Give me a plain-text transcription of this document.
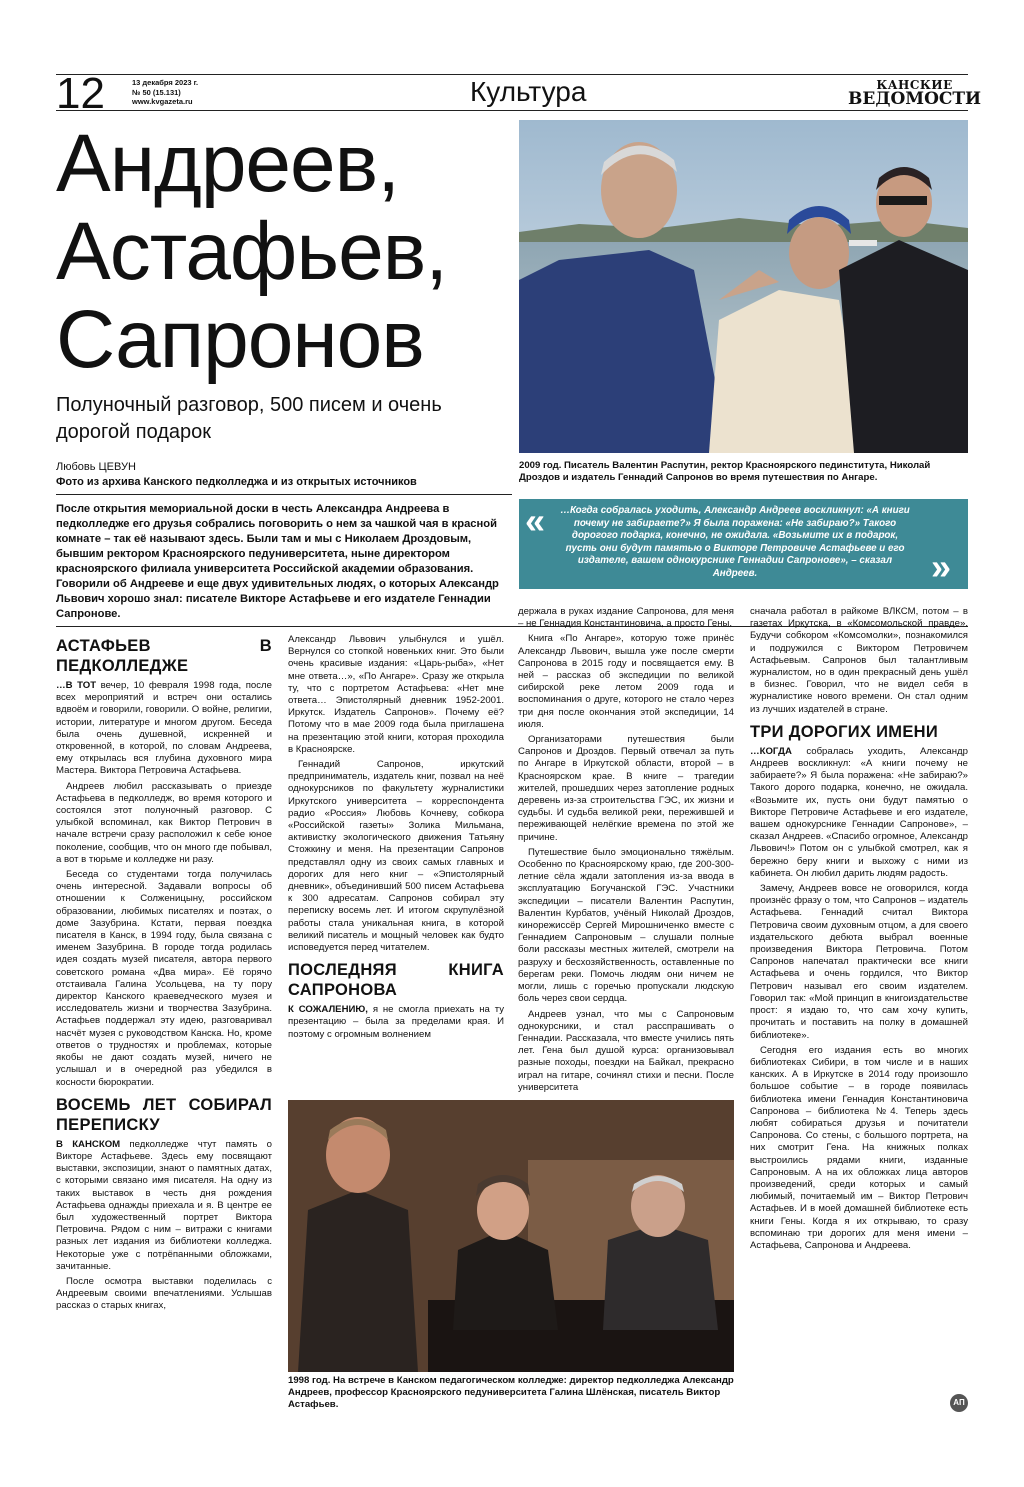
12	13 декабря 2023 г.
№ 50 (15.131)
www.kvgazeta.ru	Культура	КАНСКИЕ
ВЕДОМОСТИ
Андреев,
Астафьев,
Сапронов
Полуночный разговор, 500 писем и очень дорогой подарок
Любовь ЦЕВУН
Фото из архива Канского педколледжа и из открытых источников
После открытия мемориальной доски в честь Александра Андреева в педколледже его друзья собрались поговорить о нем за чашкой чая в красной комнате – так её называют здесь. Были там и мы с Николаем Дроздовым, бывшим ректором Красноярского педуниверситета, ныне директором красноярского филиала университета Российской академии образования. Говорили об Андрееве и еще двух удивительных людях, о которых Александр Львович хорошо знал: писателе Викторе Астафьеве и его издателе Геннадии Сапронове.
2009 год. Писатель Валентин Распутин, ректор Красноярского пединститута, Николай Дроздов и издатель Геннадий Сапронов во время путешествия по Ангаре.
«	…Когда собралась уходить, Александр Андреев воскликнул: «А книги почему не забираете?» Я была поражена: «Не забираю?» Такого дорогого подарка, конечно, не ожидала. «Возьмите их в подарок, пусть они будут памятью о Викторе Петровиче Астафьеве и его издателе, вашем однокурснике Геннадии Сапронове», – сказал Андреев.	»
АСТАФЬЕВ В ПЕДКОЛЛЕДЖЕ

…В ТОТ вечер, 10 февраля 1998 года, после всех мероприятий и встреч они остались вдвоём и говорили, говорили. О войне, религии, истории, литературе и многом другом. Беседа была очень душевной, искренней и откровенной, в которой, по словам Андреева, ему открылась вся глубина духовного мира Мастера. Виктора Петровича Астафьева.

Андреев любил рассказывать о приезде Астафьева в педколледж, во время которого и состоялся этот полуночный разговор. С улыбкой вспоминал, как Виктор Петрович в начале встречи сразу расположил к себе юное поколение, сообщив, что он много где побывал, а вот в тюрьме и колледже ни разу.

Беседа со студентами тогда получилась очень интересной. Задавали вопросы об отношении к Солженицыну, российском образовании, любимых писателях и поэтах, о доме Зазубрина. Кстати, первая поездка писателя в Канск, в 1994 году, была связана с именем Зазубрина. В городе тогда родилась идея создать музей писателя, автора первого советского романа «Два мира». Её горячо отстаивала Галина Усольцева, на ту пору директор Канского краеведческого музея и исследователь жизни и творчества Зазубрина. Астафьев поддержал эту идею, разговаривал насчёт музея с руководством Канска. Но, кроме ответов о трудностях и проблемах, которые якобы не дают создать музей, ничего не услышал и в очередной раз убедился в косности бюрократии.

ВОСЕМЬ ЛЕТ СОБИРАЛ ПЕРЕПИСКУ

В КАНСКОМ педколледже чтут память о Викторе Астафьеве. Здесь ему посвящают выставки, экспозиции, знают о памятных датах, с которыми связано имя писателя. На одну из таких выставок в честь дня рождения Астафьева однажды приехала и я. В центре ее был художественный портрет Виктора Петровича. Рядом с ним – витражи с книгами разных лет издания из библиотеки колледжа. Некоторые уже с потрёпанными обложками, зачитанные.

После осмотра выставки поделилась с Андреевым своими впечатлениями. Услышав рассказ о старых книгах,

Александр Львович улыбнулся и ушёл. Вернулся со стопкой новеньких книг. Это были очень красивые издания: «Царь-рыба», «Нет мне ответа…», «По Ангаре». Сразу же открыла ту, что с портретом Астафьева: «Нет мне ответа… Эпистолярный дневник 1952-2001. Иркутск. Издатель Сапронов». Почему её? Потому что в мае 2009 года была приглашена на презентацию этой книги, которая проходила в Красноярске.

Геннадий Сапронов, иркутский предприниматель, издатель книг, позвал на неё однокурсников по факультету журналистики Иркутского университета – корреспондента радио «Россия» Любовь Кочневу, собкора «Российской газеты» Золика Мильмана, активистку экологического движения Татьяну Стожкину и меня. На презентации Сапронов представлял одну из своих самых главных и дорогих для него книг – «Эпистолярный дневник», объединивший 500 писем Астафьева к 300 адресатам. Сапронов собирал эту переписку восемь лет. И итогом скрупулёзной работы стала уникальная книга, в которой великий писатель и мощный человек как будто исповедуется перед читателем.

ПОСЛЕДНЯЯ КНИГА САПРОНОВА

К СОЖАЛЕНИЮ, я не смогла приехать на ту презентацию – была за пределами края. И поэтому с огромным волнением

держала в руках издание Сапронова, для меня – не Геннадия Константиновича, а просто Гены.

Книга «По Ангаре», которую тоже принёс Александр Львович, вышла уже после смерти Сапронова в 2015 году и посвящается ему. В ней – рассказ об экспедиции по великой сибирской реке летом 2009 года и воспоминания о друге, которого не стало через три дня после окончания этой экспедиции, 14 июля.

Организаторами путешествия были Сапронов и Дроздов. Первый отвечал за путь по Ангаре в Иркутской области, второй – в Красноярском крае. В книге – трагедии жителей, прошедших через затопление родных деревень из-за строительства ГЭС, их жизни и судьбы. И судьба великой реки, пережившей и переживающей нелёгкие времена по этой же причине.

Путешествие было эмоционально тяжёлым. Особенно по Красноярскому краю, где 200-300-летние сёла ждали затопления из-за ввода в эксплуатацию Богучанской ГЭС. Участники экспедиции – писатели Валентин Распутин, Валентин Курбатов, учёный Николай Дроздов, кинорежиссёр Сергей Мирошниченко вместе с Геннадием Сапроновым – слушали полные боли рассказы местных жителей, смотрели на разруху и бесхозяйственность, оставленные по берегам реки. Помочь людям они ничем не могли, лишь с горечью пропускали людскую боль через свои сердца.

Андреев узнал, что мы с Сапроновым однокурсники, и стал расспрашивать о Геннадии. Рассказала, что вместе учились пять лет. Гена был душой курса: организовывал разные походы, поездки на Байкал, прекрасно играл на гитаре, сочинял стихи и песни. После университета

1998 год. На встрече в Канском педагогическом колледже: директор педколледжа Александр Андреев, профессор Красноярского педуниверситета Галина Шлёнская, писатель Виктор Астафьев.

сначала работал в райкоме ВЛКСМ, потом – в газетах Иркутска, в «Комсомольской правде». Будучи собкором «Комсомолки», познакомился и подружился с Виктором Петровичем Астафьевым. Сапронов был талантливым журналистом, но в один прекрасный день ушёл в бизнес. Говорил, что не видел себя в журналистике нового времени. Он стал одним из лучших издателей в стране.

ТРИ ДОРОГИХ ИМЕНИ

…КОГДА собралась уходить, Александр Андреев воскликнул: «А книги почему не забираете?» Я была поражена: «Не забираю?» Такого дорого подарка, конечно, не ожидала. «Возьмите их, пусть они будут памятью о Викторе Петровиче Астафьеве и его издателе, вашем однокурснике Геннадии Сапронове», – сказал Андреев. «Спасибо огромное, Александр Львович!» Потом он с улыбкой смотрел, как я бережно беру книги и выхожу с ними из кабинета. Он любил дарить людям радость.

Замечу, Андреев вовсе не оговорился, когда произнёс фразу о том, что Сапронов – издатель Астафьева. Геннадий считал Виктора Петровича своим духовным отцом, а для своего издательского дебюта выбрал военные произведения Виктора Петровича. Потом Сапронов напечатал практически все книги Астафьева и очень гордился, что Виктор Петрович называл его своим издателем. Говорил так: «Мой принцип в книгоиздательстве прост: я издаю то, что сам хочу купить, прочитать и поставить на полку в домашней библиотеке».

Сегодня его издания есть во многих библиотеках Сибири, в том числе и в наших канских. А в Иркутске в 2014 году произошло большое событие – в городе появилась библиотека имени Геннадия Константиновича Сапронова – библиотека №4. Теперь здесь любят собираться друзья и почитатели Сапронова. Со стены, с большого портрета, на них смотрит Гена. На книжных полках выстроились рядами книги, изданные Сапроновым. А на их обложках лица авторов произведений, среди которых и самый любимый, почитаемый им – Виктор Петрович Астафьев. И в моей домашней библиотеке есть книги Гены. Когда я их открываю, то сразу вспоминаю три дорогих для меня имени – Астафьева, Сапронова и Андреева.

АП
